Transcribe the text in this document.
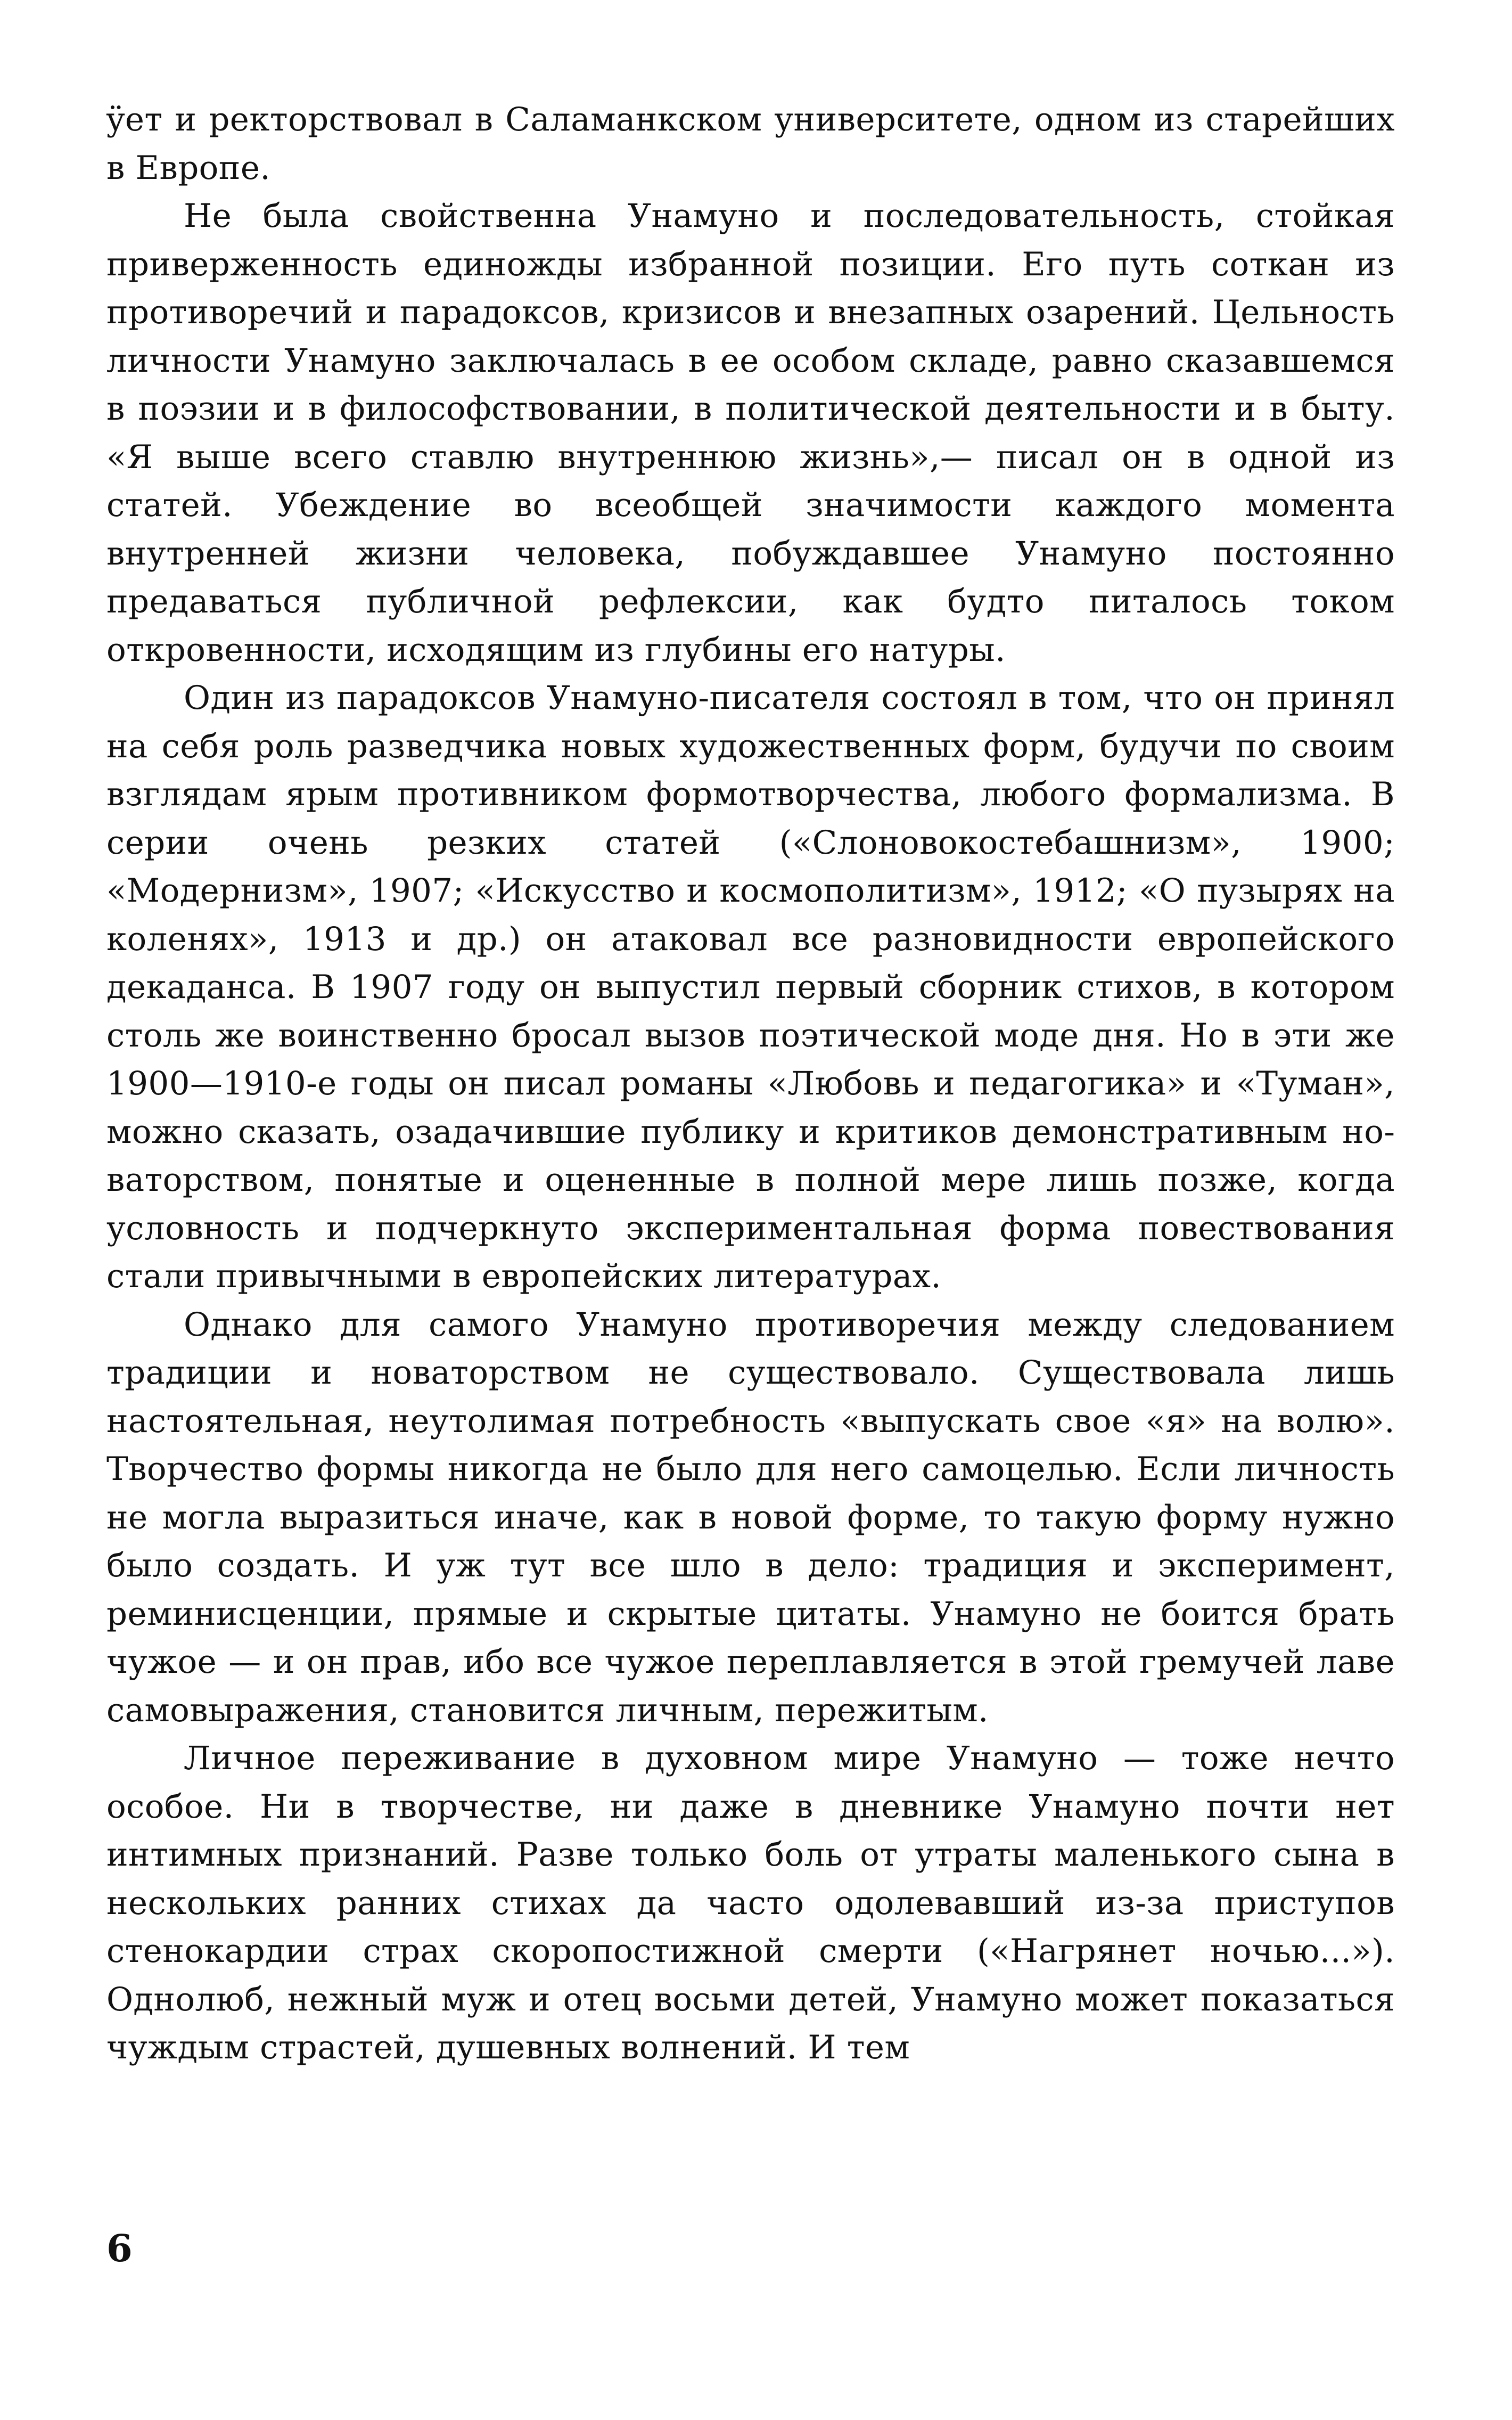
ÿет и ректорствовал в Саламанкском университете, одном из старейших в Европе.

Не была свойственна Унамуно и последовательность, стойкая приверженность единожды избранной позиции. Его путь соткан из противоречий и парадоксов, кризисов и внезапных озарений. Цельность личности Унамуно заключалась в ее особом складе, равно сказавшемся в поэзии и в философствовании, в политической деятельности и в быту. «Я выше всего ставлю внутреннюю жизнь»,— писал он в одной из статей. Убеждение во всеобщей значимости каждого момента внутренней жизни человека, побуждавшее Унамуно постоянно предаваться публичной рефлексии, как будто питалось током откровенности, исходящим из глубины его натуры.

Один из парадоксов Унамуно-писателя состоял в том, что он принял на себя роль разведчика новых художественных форм, будучи по своим взглядам ярым противником формотворчества, любого формализма. В серии очень резких статей («Слоновокостебашнизм», 1900; «Модернизм», 1907; «Искусство и космополитизм», 1912; «О пузырях на коленях», 1913 и др.) он атаковал все разновидности европейского декаданса. В 1907 году он выпустил первый сборник стихов, в котором столь же воинственно бросал вызов поэтической моде дня. Но в эти же 1900—1910-е годы он писал романы «Любовь и педагогика» и «Туман», можно сказать, озадачившие публику и критиков демонстративным новаторством, понятые и оцененные в полной мере лишь позже, когда условность и подчеркнуто экспериментальная форма повествования стали привычными в европейских литературах.

Однако для самого Унамуно противоречия между следованием традиции и новаторством не существовало. Существовала лишь настоятельная, неутолимая потребность «выпускать свое «я» на волю». Творчество формы никогда не было для него самоцелью. Если личность не могла выразиться иначе, как в новой форме, то такую форму нужно было создать. И уж тут все шло в дело: традиция и эксперимент, реминисценции, прямые и скрытые цитаты. Унамуно не боится брать чужое — и он прав, ибо все чужое переплавляется в этой гремучей лаве самовыражения, становится личным, пережитым.

Личное переживание в духовном мире Унамуно — тоже нечто особое. Ни в творчестве, ни даже в дневнике Унамуно почти нет интимных признаний. Разве только боль от утраты маленького сына в нескольких ранних стихах да часто одолевавший из-за приступов стенокардии страх скоропостижной смерти («Нагрянет ночью...»). Однолюб, нежный муж и отец восьми детей, Унамуно может показаться чуждым страстей, душевных волнений. И тем

6
